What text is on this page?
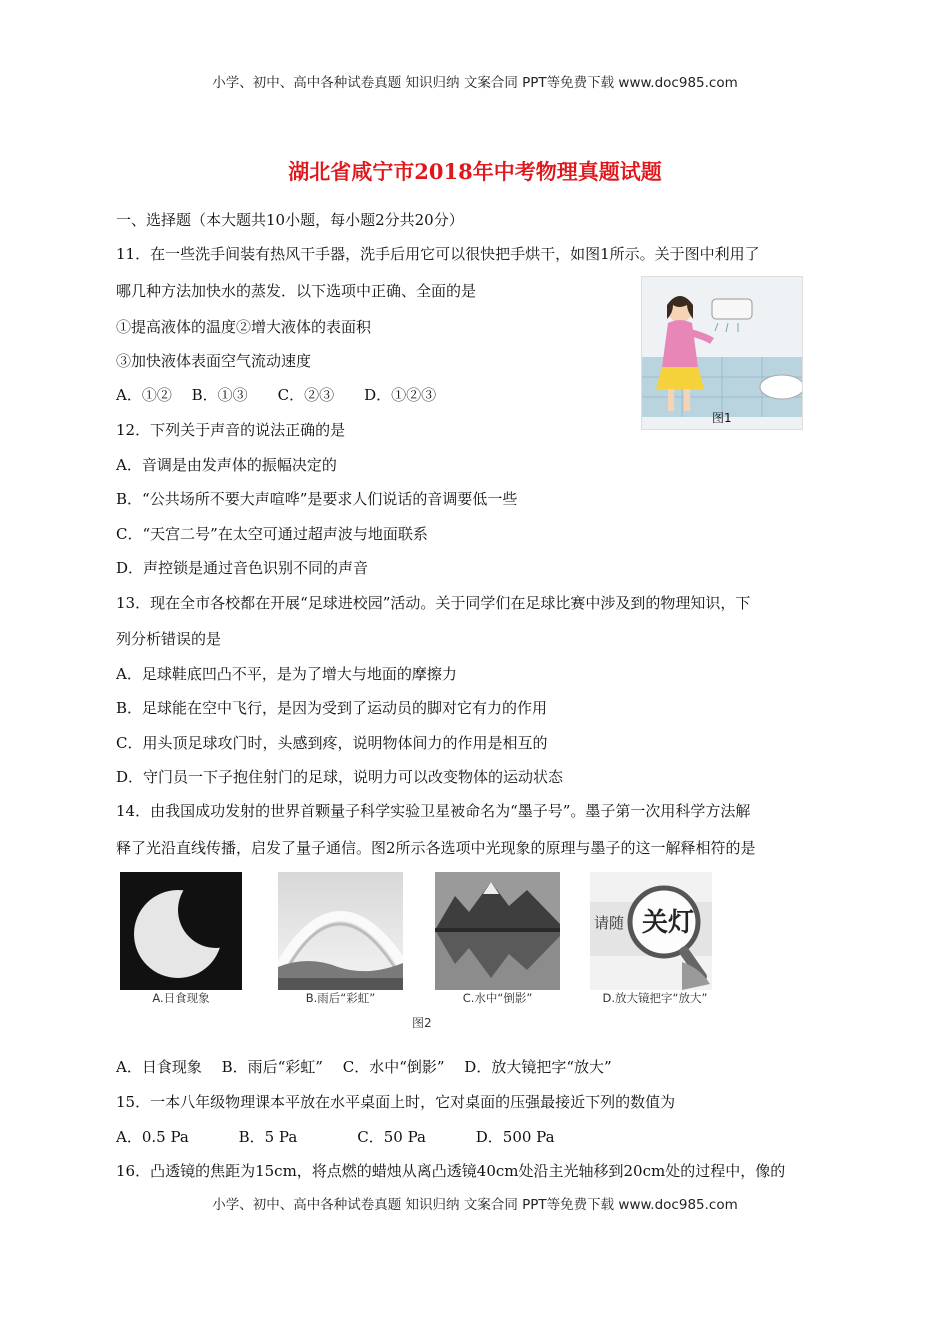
小学、初中、高中各种试卷真题 知识归纳 文案合同 PPT等免费下载 www.doc985.com
湖北省咸宁市2018年中考物理真题试题
一、选择题（本大题共10小题，每小题2分共20分）
11．在一些洗手间装有热风干手器，洗手后用它可以很快把手烘干，如图1所示。关于图中利用了
哪几种方法加快水的蒸发．以下选项中正确、全面的是
①提高液体的温度②增大液体的表面积
③加快液体表面空气流动速度
A．①②　 B．①③　　C．②③　　D．①②③
图1
12．下列关于声音的说法正确的是
A．音调是由发声体的振幅决定的
B．“公共场所不要大声喧哗”是要求人们说话的音调要低一些
C．“天宫二号”在太空可通过超声波与地面联系
D．声控锁是通过音色识别不同的声音
13．现在全市各校都在开展“足球进校园”活动。关于同学们在足球比赛中涉及到的物理知识，下
列分析错误的是
A．足球鞋底凹凸不平，是为了增大与地面的摩擦力
B．足球能在空中飞行，是因为受到了运动员的脚对它有力的作用
C．用头顶足球攻门时，头感到疼，说明物体间力的作用是相互的
D．守门员一下子抱住射门的足球，说明力可以改变物体的运动状态
14．由我国成功发射的世界首颗量子科学实验卫星被命名为“墨子号”。墨子第一次用科学方法解
释了光沿直线传播，启发了量子通信。图2所示各选项中光现象的原理与墨子的这一解释相符的是
请随 关灯
A.日食现象	B.雨后“彩虹”	C.水中“倒影”	D.放大镜把字“放大”
图2
A．日食现象　 B．雨后“彩虹”　 C．水中“倒影”　 D．放大镜把字“放大”
15．一本八年级物理课本平放在水平桌面上时，它对桌面的压强最接近下列的数值为
A．0.5 Pa　　　 B．5 Pa　　　　C．50 Pa　　　 D．500 Pa
16．凸透镜的焦距为15cm，将点燃的蜡烛从离凸透镜40cm处沿主光轴移到20cm处的过程中，像的
小学、初中、高中各种试卷真题 知识归纳 文案合同 PPT等免费下载 www.doc985.com
